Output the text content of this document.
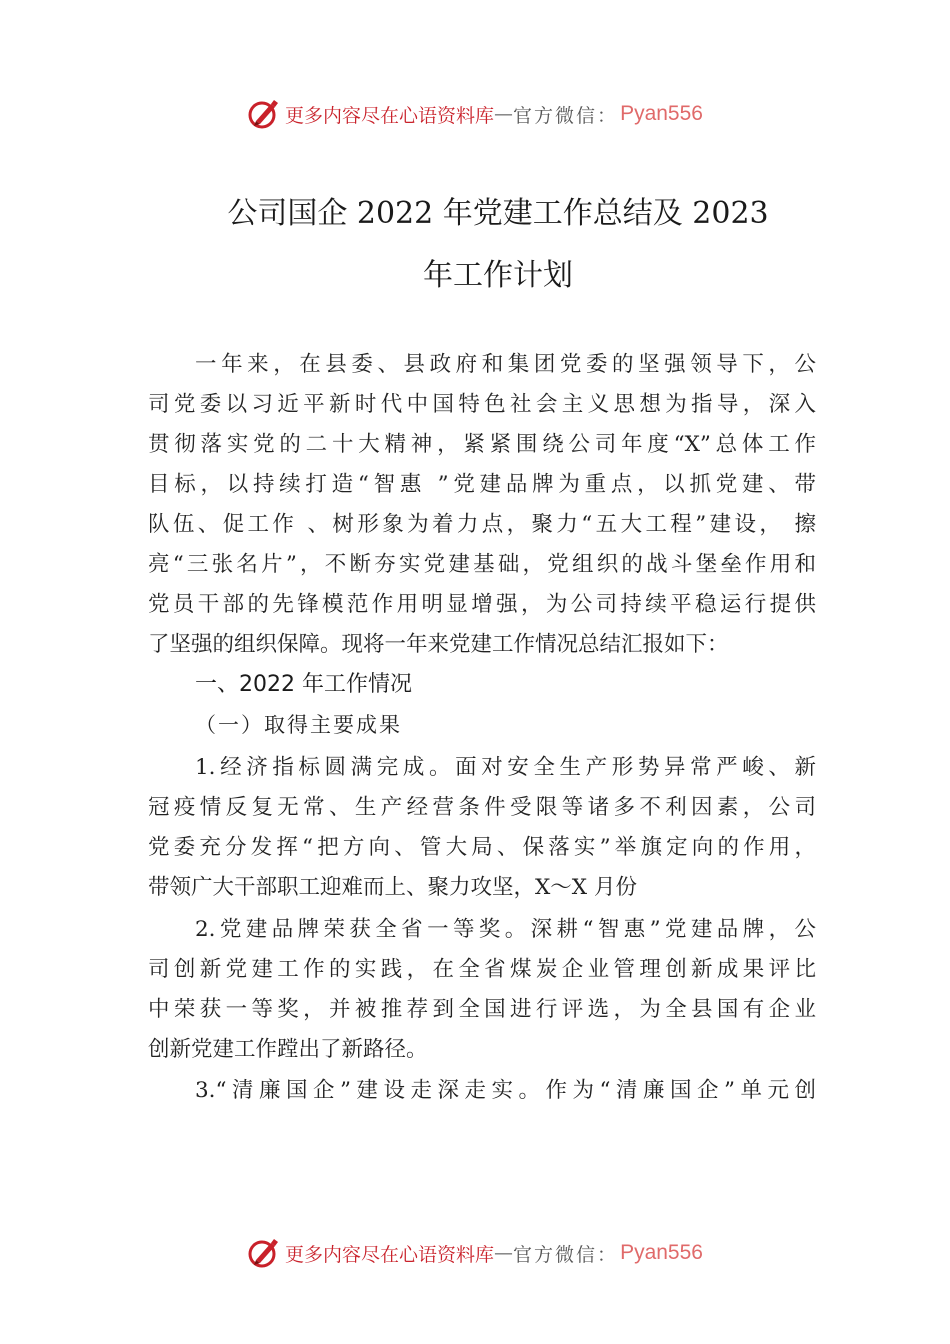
更多内容尽在心语资料库 — 官方微信： Pyan556
公司国企 2022 年党建工作总结及 2023
年工作计划

一年来，在县委、县政府和集团党委的坚强领导下，公

司党委以习近平新时代中国特色社会主义思想为指导，深入

贯彻落实党的二十大精神，紧紧围绕公司年度“X”总体工作

目标，以持续打造“智惠 ”党建品牌为重点，以抓党建、带

队伍、促工作 、树形象为着力点，聚力“五大工程”建设， 擦

亮“三张名片”，不断夯实党建基础，党组织的战斗堡垒作用和

党员干部的先锋模范作用明显增强，为公司持续平稳运行提供

了坚强的组织保障。现将一年来党建工作情况总结汇报如下：

一、2022 年工作情况
（一）取得主要成果

1.经济指标圆满完成。面对安全生产形势异常严峻、新

冠疫情反复无常、生产经营条件受限等诸多不利因素，公司

党委充分发挥“把方向、管大局、保落实”举旗定向的作用，

带领广大干部职工迎难而上、聚力攻坚，X～X 月份

2.党建品牌荣获全省一等奖。深耕“智惠”党建品牌，公

司创新党建工作的实践，在全省煤炭企业管理创新成果评比

中荣获一等奖，并被推荐到全国进行评选，为全县国有企业

创新党建工作蹚出了新路径。

3.“清廉国企”建设走深走实。作为“清廉国企”单元创

更多内容尽在心语资料库 — 官方微信： Pyan556
